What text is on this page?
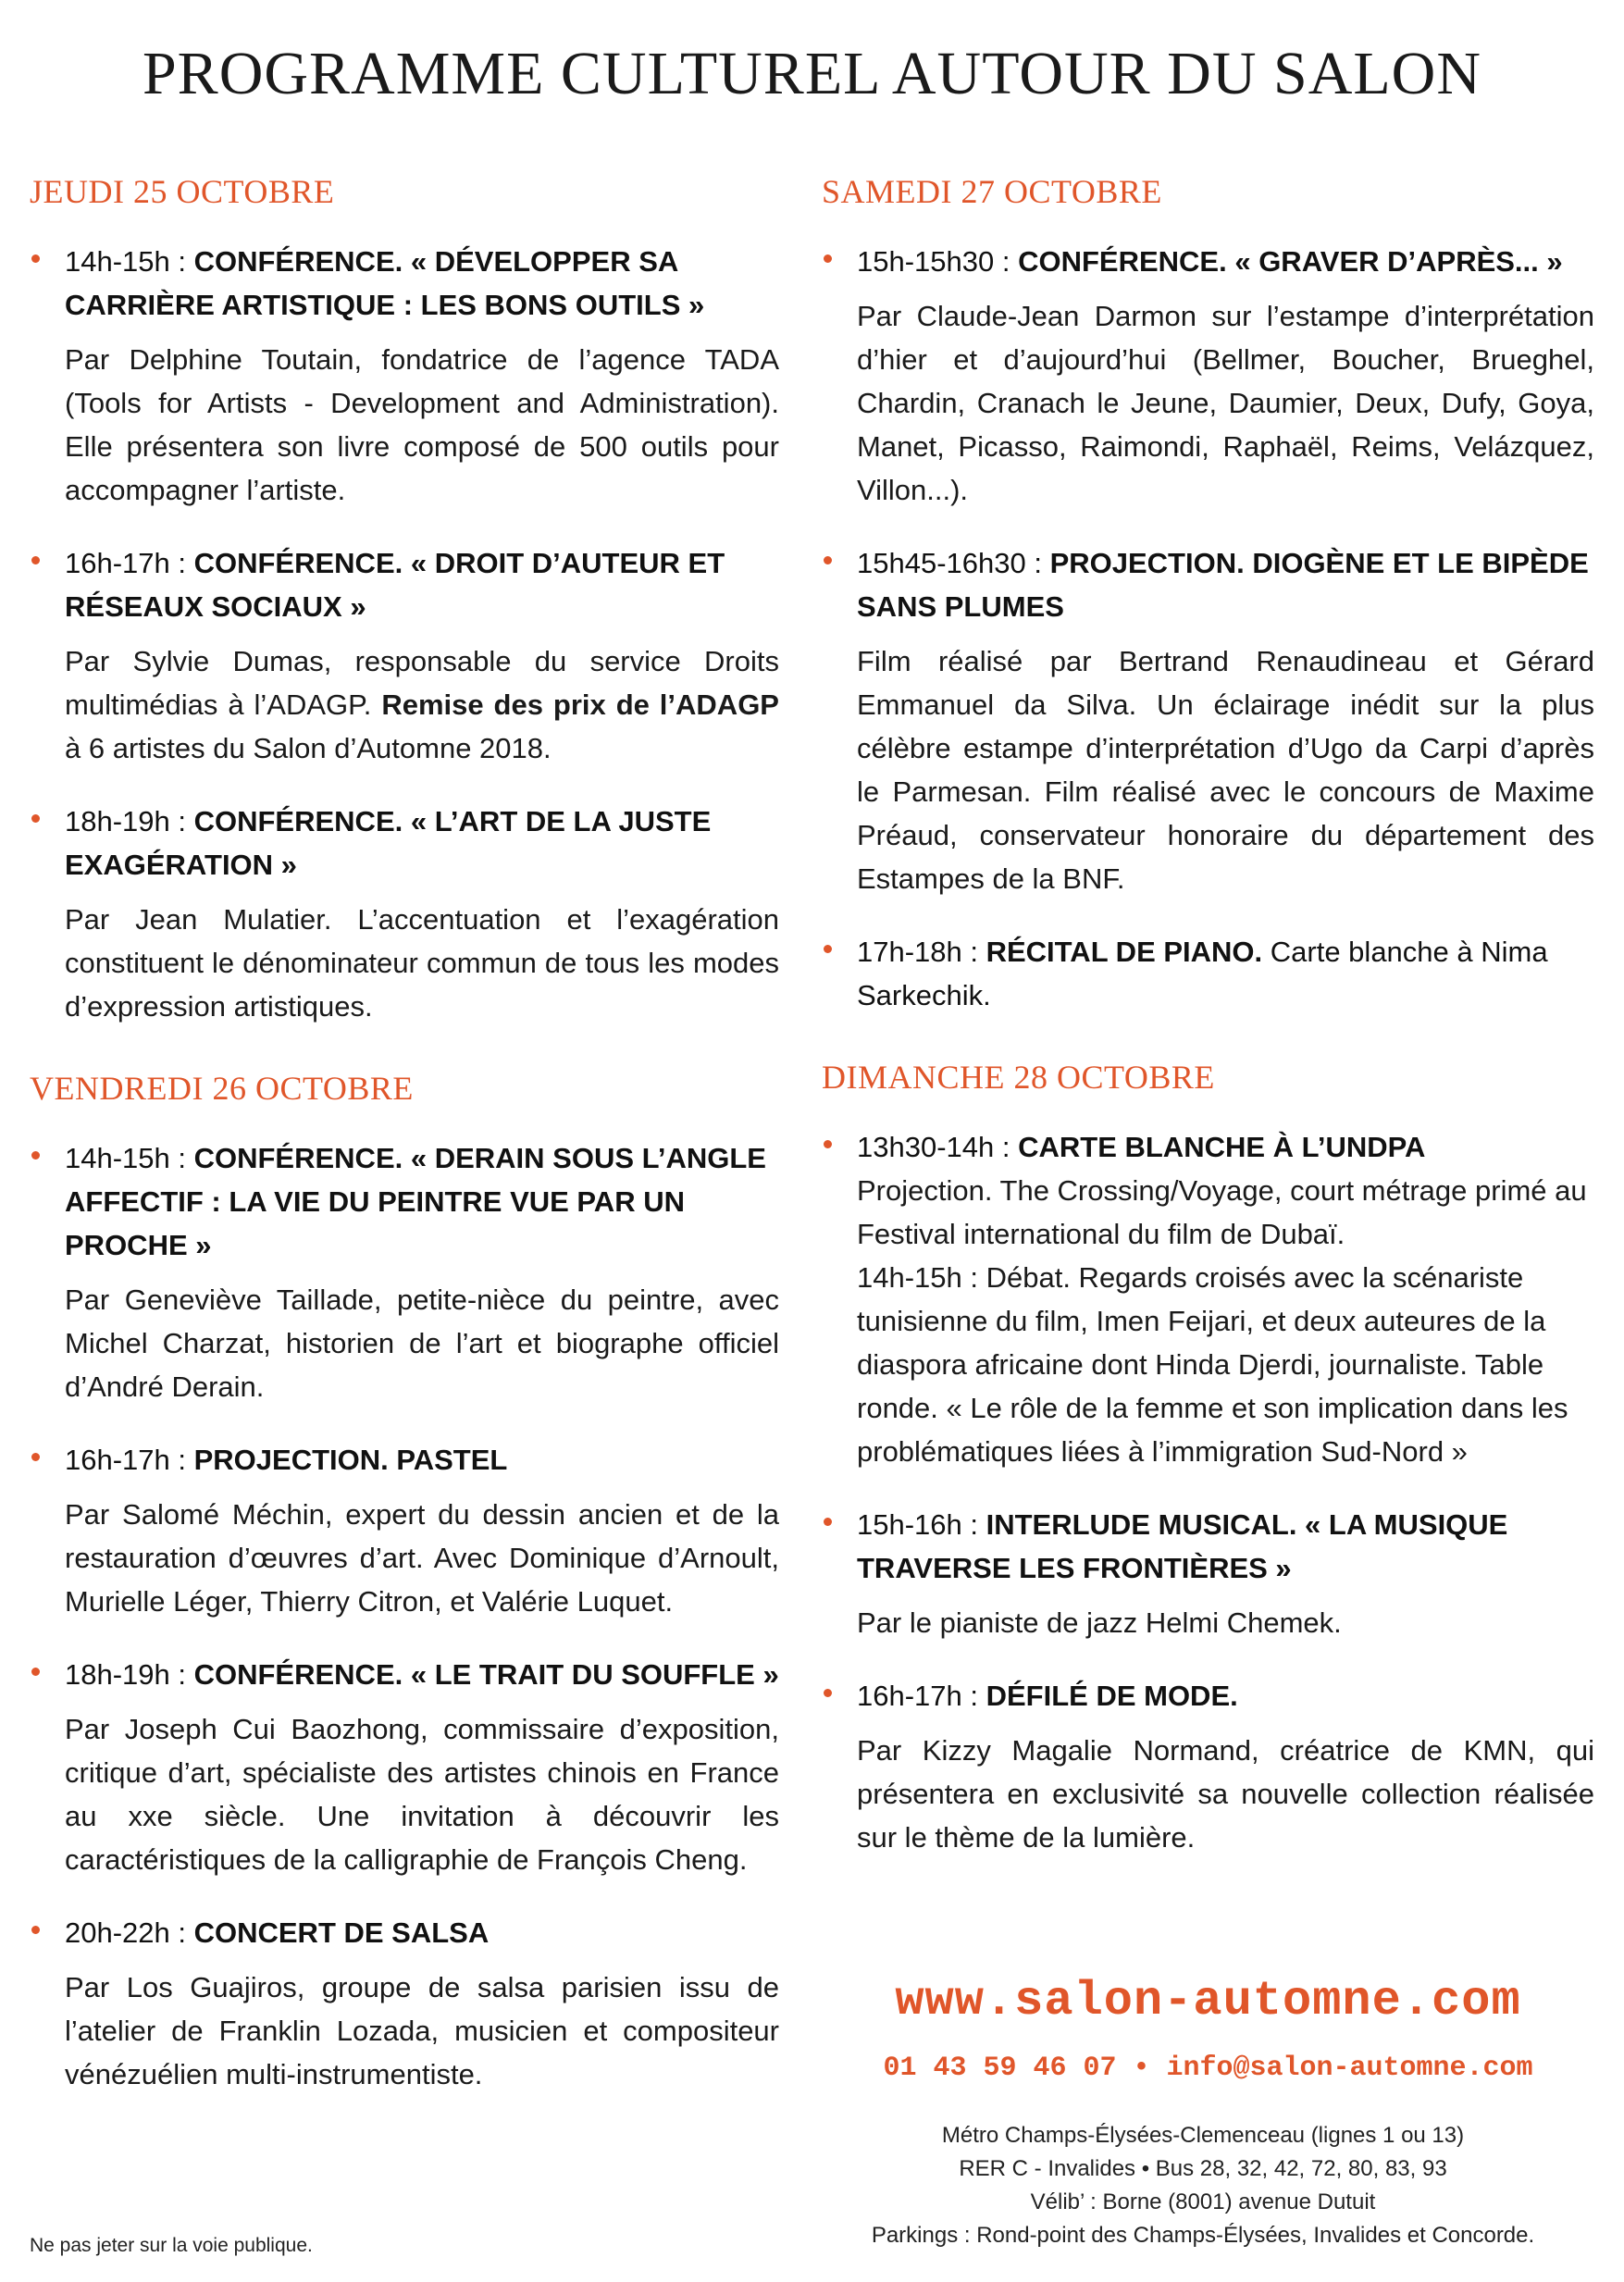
PROGRAMME CULTUREL AUTOUR DU SALON
JEUDI 25 OCTOBRE

14h-15h : CONFÉRENCE. « DÉVELOPPER SA CARRIÈRE ARTISTIQUE : LES BONS OUTILS »

Par Delphine Toutain, fondatrice de l’agence TADA (Tools for Artists - Development and Administration). Elle présentera son livre composé de 500 outils pour accompagner l’artiste.

16h-17h : CONFÉRENCE. « DROIT D’AUTEUR ET RÉSEAUX SOCIAUX »

Par Sylvie Dumas, responsable du service Droits multimédias à l’ADAGP. Remise des prix de l’ADAGP à 6 artistes du Salon d’Automne 2018.

18h-19h : CONFÉRENCE. « L’ART DE LA JUSTE EXAGÉRATION »

Par Jean Mulatier. L’accentuation et l’exagération constituent le dénominateur commun de tous les modes d’expression artistiques.

VENDREDI 26 OCTOBRE

14h-15h : CONFÉRENCE. « DERAIN SOUS L’ANGLE AFFECTIF : LA VIE DU PEINTRE VUE PAR UN PROCHE »

Par Geneviève Taillade, petite-nièce du peintre, avec Michel Charzat, historien de l’art et biographe officiel d’André Derain.

16h-17h : PROJECTION. PASTEL

Par Salomé Méchin, expert du dessin ancien et de la restauration d’œuvres d’art. Avec Dominique d’Arnoult, Murielle Léger, Thierry Citron, et Valérie Luquet.

18h-19h : CONFÉRENCE. « LE TRAIT DU SOUFFLE »

Par Joseph Cui Baozhong, commissaire d’exposition, critique d’art, spécialiste des artistes chinois en France au xxe siècle. Une invitation à découvrir les caractéristiques de la calligraphie de François Cheng.

20h-22h : CONCERT DE SALSA

Par Los Guajiros, groupe de salsa parisien issu de l’atelier de Franklin Lozada, musicien et compositeur vénézuélien multi-instrumentiste.

SAMEDI 27 OCTOBRE

15h-15h30 : CONFÉRENCE. « GRAVER D’APRÈS... »

Par Claude-Jean Darmon sur l’estampe d’interprétation d’hier et d’aujourd’hui (Bellmer, Boucher, Brueghel, Chardin, Cranach le Jeune, Daumier, Deux, Dufy, Goya, Manet, Picasso, Raimondi, Raphaël, Reims, Velázquez, Villon...).

15h45-16h30 : PROJECTION. DIOGÈNE ET LE BIPÈDE SANS PLUMES

Film réalisé par Bertrand Renaudineau et Gérard Emmanuel da Silva. Un éclairage inédit sur la plus célèbre estampe d’interprétation d’Ugo da Carpi d’après le Parmesan. Film réalisé avec le concours de Maxime Préaud, conservateur honoraire du département des Estampes de la BNF.

17h-18h : RÉCITAL DE PIANO. Carte blanche à Nima Sarkechik.

DIMANCHE 28 OCTOBRE

13h30-14h : CARTE BLANCHE À L’UNDPA

Projection. The Crossing/Voyage, court métrage primé au Festival international du film de Dubaï.

14h-15h : Débat. Regards croisés avec la scénariste tunisienne du film, Imen Feijari, et deux auteures de la diaspora africaine dont Hinda Djerdi, journaliste. Table ronde. « Le rôle de la femme et son implication dans les problématiques liées à l’immigration Sud-Nord »

15h-16h : INTERLUDE MUSICAL. « LA MUSIQUE TRAVERSE LES FRONTIÈRES »

Par le pianiste de jazz Helmi Chemek.

16h-17h : DÉFILÉ DE MODE.

Par Kizzy Magalie Normand, créatrice de KMN, qui présentera en exclusivité sa nouvelle collection réalisée sur le thème de la lumière.

www.salon-automne.com
01 43 59 46 07 • info@salon-automne.com
Métro Champs-Élysées-Clemenceau (lignes 1 ou 13)
RER C - Invalides • Bus 28, 32, 42, 72, 80, 83, 93
Vélib’ : Borne (8001) avenue Dutuit
Parkings : Rond-point des Champs-Élysées, Invalides et Concorde.
Ne pas jeter sur la voie publique.
